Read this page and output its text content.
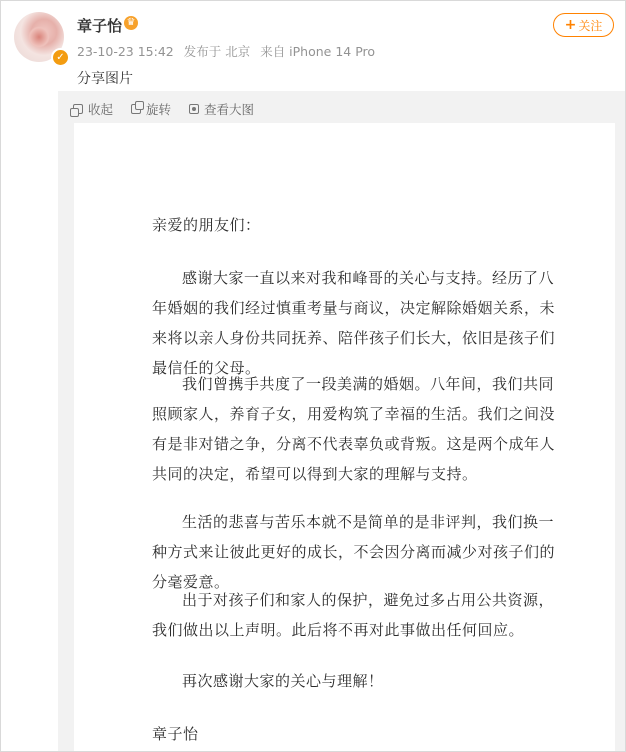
✓
章子怡 ♛
23-10-23 15:42 发布于 北京 来自 iPhone 14 Pro
+ 关注
分享图片
收起	旋转	查看大图

亲爱的朋友们：

感谢大家一直以来对我和峰哥的关心与支持。经历了八年婚姻的我们经过慎重考量与商议，决定解除婚姻关系，未来将以亲人身份共同抚养、陪伴孩子们长大，依旧是孩子们最信任的父母。

我们曾携手共度了一段美满的婚姻。八年间，我们共同照顾家人，养育子女，用爱构筑了幸福的生活。我们之间没有是非对错之争，分离不代表辜负或背叛。这是两个成年人共同的决定，希望可以得到大家的理解与支持。

生活的悲喜与苦乐本就不是简单的是非评判，我们换一种方式来让彼此更好的成长，不会因分离而减少对孩子们的分毫爱意。

出于对孩子们和家人的保护，避免过多占用公共资源，我们做出以上声明。此后将不再对此事做出任何回应。

再次感谢大家的关心与理解！

章子怡
